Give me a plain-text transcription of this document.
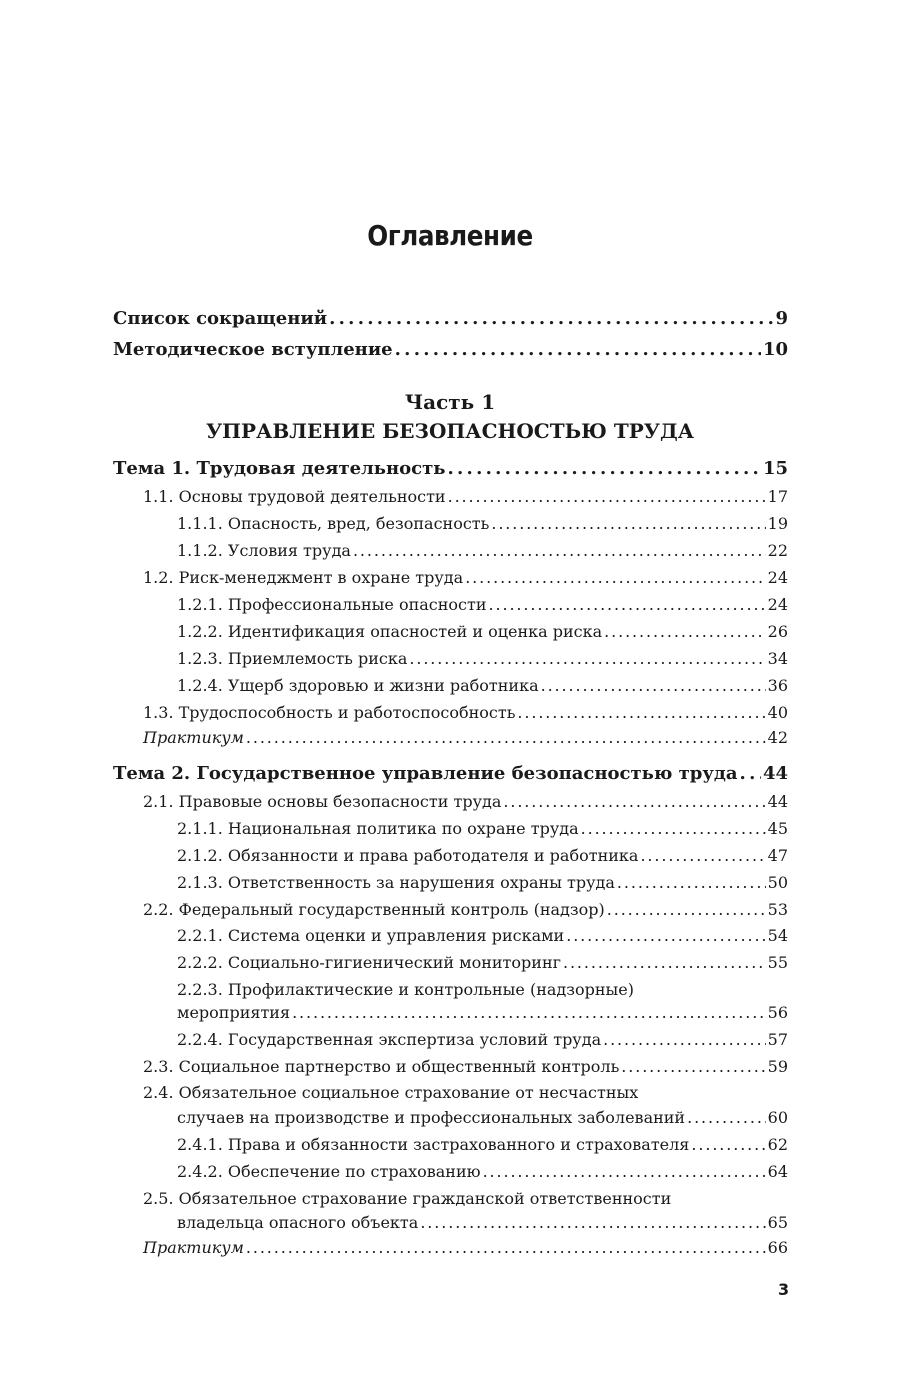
Оглавление
Список сокращений . . .	9
Методическое вступление . . .	10
Часть 1
УПРАВЛЕНИЕ БЕЗОПАСНОСТЬЮ ТРУДА
Тема 1. Трудовая деятельность . . .	15
1.1. Основы трудовой деятельности . . .	17
1.1.1. Опасность, вред, безопасность . . .	19
1.1.2. Условия труда . . .	22
1.2. Риск-менеджмент в охране труда . . .	24
1.2.1. Профессиональные опасности . . .	24
1.2.2. Идентификация опасностей и оценка риска . . .	26
1.2.3. Приемлемость риска . . .	34
1.2.4. Ущерб здоровью и жизни работника . . .	36
1.3. Трудоспособность и работоспособность . . .	40
Практикум . . .	42
Тема 2. Государственное управление безопасностью труда . . . 44
2.1. Правовые основы безопасности труда . . .	44
2.1.1. Национальная политика по охране труда . . .	45
2.1.2. Обязанности и права работодателя и работника . . .	47
2.1.3. Ответственность за нарушения охраны труда . . .	50
2.2. Федеральный государственный контроль (надзор) . . .	53
2.2.1. Система оценки и управления рисками . . .	54
2.2.2. Социально-гигиенический мониторинг . . .	55
2.2.3. Профилактические и контрольные (надзорные)
мероприятия . . .	56
2.2.4. Государственная экспертиза условий труда . . .	57
2.3. Социальное партнерство и общественный контроль . . .	59
2.4. Обязательное социальное страхование от несчастных
случаев на производстве и профессиональных заболеваний . . .	60
2.4.1. Права и обязанности застрахованного и страхователя . . .	62
2.4.2. Обеспечение по страхованию . . .	64
2.5. Обязательное страхование гражданской ответственности
владельца опасного объекта . . .	65
Практикум . . .	66
3
